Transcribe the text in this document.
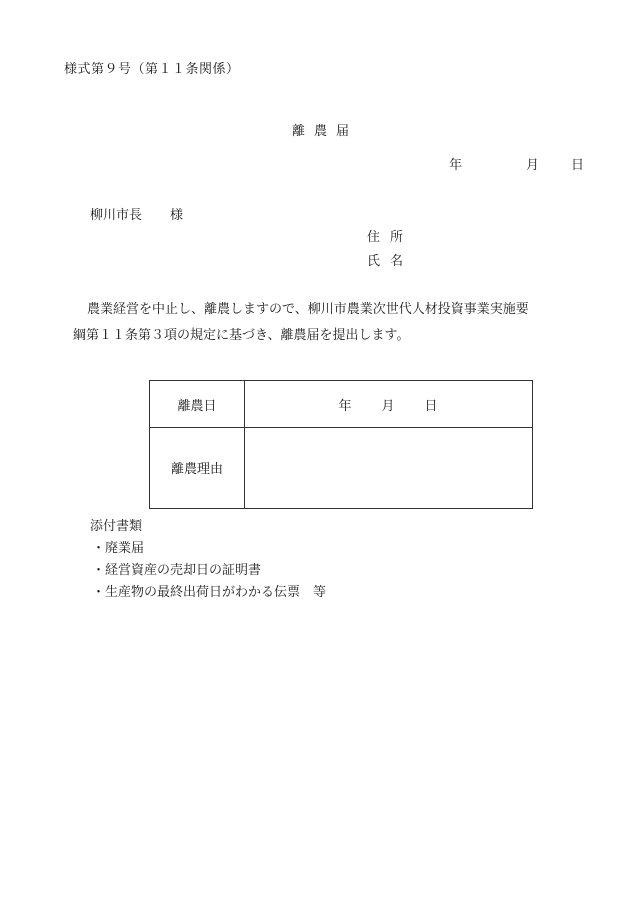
様式第９号（第１１条関係）
離農届
年	月 日
柳川市長 様
住所
氏名
農業経営を中止し、離農しますので、柳川市農業次世代人材投資事業実施要
綱第１１条第３項の規定に基づき、離農届を提出します。
離農日	年 月 日
離農理由
添付書類
・廃業届
・経営資産の売却日の証明書
・生産物の最終出荷日がわかる伝票　等
